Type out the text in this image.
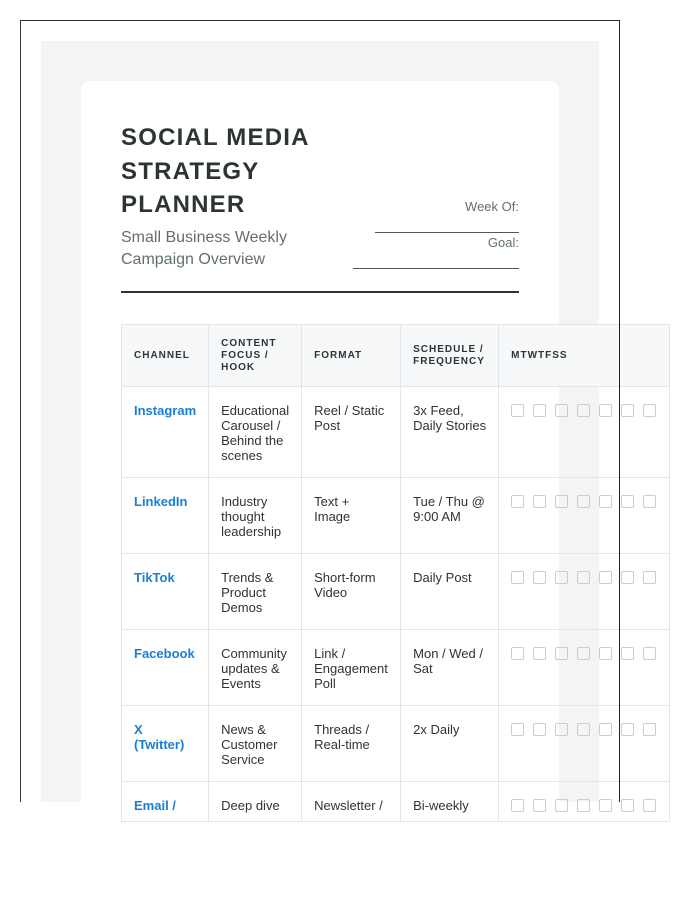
SOCIAL MEDIA
STRATEGY
PLANNER
Small Business Weekly
Campaign Overview
Week Of:
Goal:
CHANNEL	CONTENT FOCUS / HOOK	FORMAT	SCHEDULE / FREQUENCY	MTWTFSS
Instagram	Educational Carousel / Behind the scenes	Reel / Static Post	3x Feed, Daily Stories	

LinkedIn	Industry thought leadership	Text + Image	Tue / Thu @ 9:00 AM	

TikTok	Trends & Product Demos	Short-form Video	Daily Post	

Facebook	Community updates & Events	Link / Engagement Poll	Mon / Wed / Sat	

X (Twitter)	News & Customer Service	Threads / Real-time	2x Daily	

Email /	Deep dive	Newsletter /	Bi-weekly	
